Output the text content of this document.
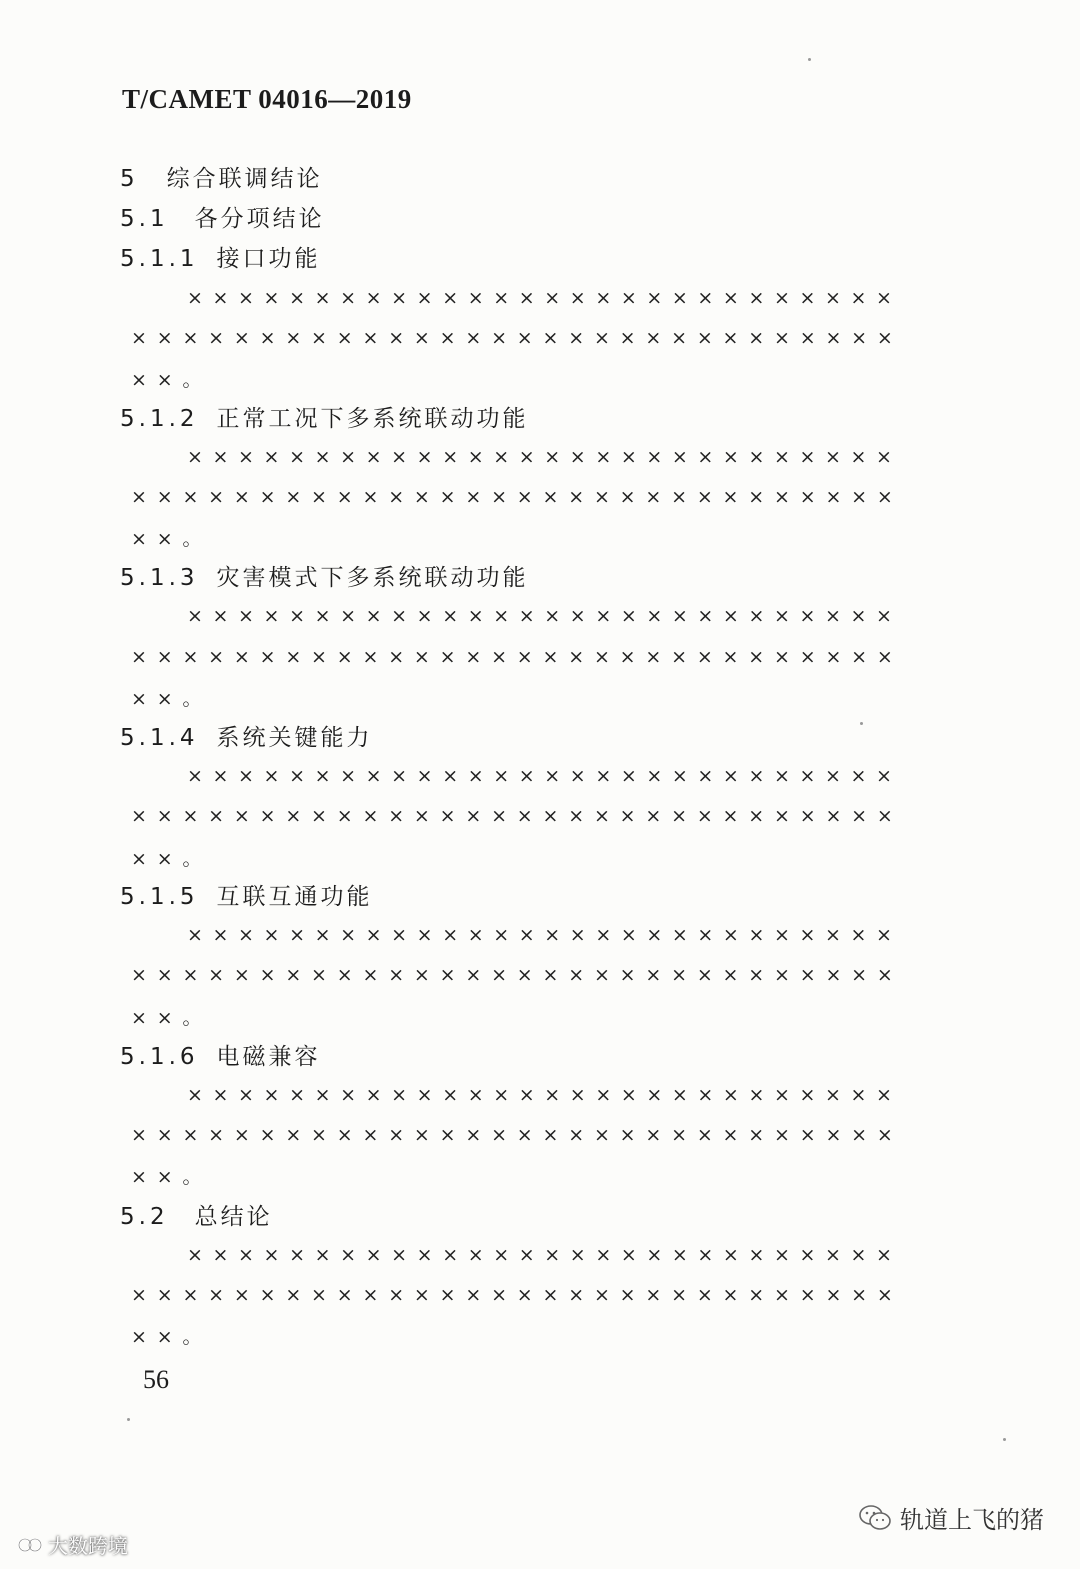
T/CAMET 04016—2019
5 综合联调结论
5.1 各分项结论
5.1.1 接口功能
××××××××××××××××××××××××××××
××××××××××××××××××××××××××××××
××。
5.1.2 正常工况下多系统联动功能
××××××××××××××××××××××××××××
××××××××××××××××××××××××××××××
××。
5.1.3 灾害模式下多系统联动功能
××××××××××××××××××××××××××××
××××××××××××××××××××××××××××××
××。
5.1.4 系统关键能力
××××××××××××××××××××××××××××
××××××××××××××××××××××××××××××
××。
5.1.5 互联互通功能
××××××××××××××××××××××××××××
××××××××××××××××××××××××××××××
××。
5.1.6 电磁兼容
××××××××××××××××××××××××××××
××××××××××××××××××××××××××××××
××。
5.2 总结论
××××××××××××××××××××××××××××
××××××××××××××××××××××××××××××
××。
56
大数跨境
轨道上飞的猪
